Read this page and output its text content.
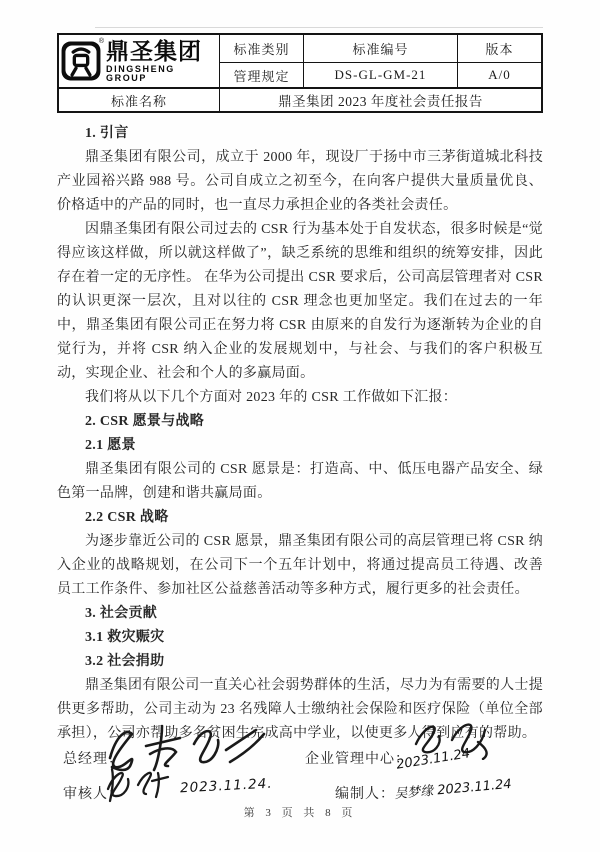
® 鼎圣集团
DINGSHENG GROUP
标准类别	标准编号	版本
管理规定	DS-GL-GM-21	A/0
标准名称	鼎圣集团 2023 年度社会责任报告
1. 引言

鼎圣集团有限公司，成立于 2000 年，现设厂于扬中市三茅街道城北科技产业园裕兴路 988 号。公司自成立之初至今，在向客户提供大量质量优良、 价格适中的产品的同时，也一直尽力承担企业的各类社会责任。

因鼎圣集团有限公司过去的 CSR 行为基本处于自发状态，很多时候是“觉得应该这样做，所以就这样做了”，缺乏系统的思维和组织的统筹安排，因此存在着一定的无序性。 在华为公司提出 CSR 要求后，公司高层管理者对 CSR 的认识更深一层次，且对以往的 CSR 理念也更加坚定。我们在过去的一年中，鼎圣集团有限公司正在努力将 CSR 由原来的自发行为逐渐转为企业的自觉行为，并将 CSR 纳入企业的发展规划中，与社会、与我们的客户积极互动，实现企业、社会和个人的多赢局面。

我们将从以下几个方面对 2023 年的 CSR 工作做如下汇报：

2. CSR 愿景与战略
2.1 愿景

鼎圣集团有限公司的 CSR 愿景是：打造高、中、低压电器产品安全、绿色第一品牌，创建和谐共赢局面。

2.2 CSR 战略

为逐步靠近公司的 CSR 愿景，鼎圣集团有限公司的高层管理已将 CSR 纳入企业的战略规划，在公司下一个五年计划中，将通过提高员工待遇、改善员工工作条件、参加社区公益慈善活动等多种方式，履行更多的社会责任。

3. 社会贡献
3.1 救灾赈灾
3.2 社会捐助

鼎圣集团有限公司一直关心社会弱势群体的生活，尽力为有需要的人士提供更多帮助，公司主动为 23 名残障人士缴纳社会保险和医疗保险（单位全部承担），公司亦帮助多名贫困生完成高中学业，以使更多人得到应有的帮助。

总经理：	企业管理中心：
2023.11.24
审核人：	2023.11.24.	编制人：
吴梦缘 2023.11.24
第 3 页 共 8 页
